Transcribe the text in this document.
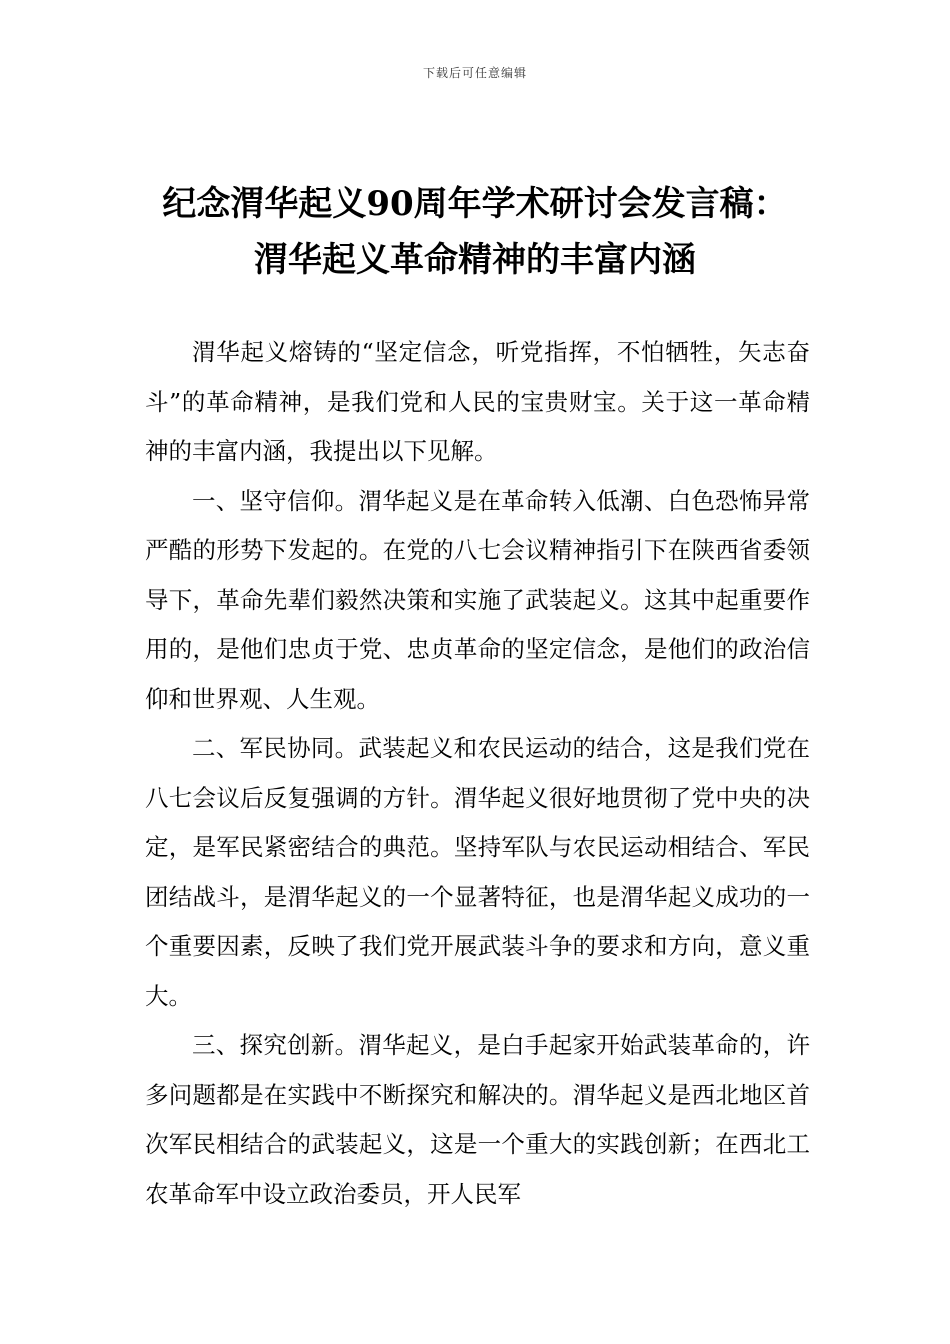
下载后可任意编辑
纪念渭华起义90周年学术研讨会发言稿：
渭华起义革命精神的丰富内涵

渭华起义熔铸的“坚定信念，听党指挥，不怕牺牲，矢志奋斗”的革命精神，是我们党和人民的宝贵财宝。关于这一革命精神的丰富内涵，我提出以下见解。

一、坚守信仰。渭华起义是在革命转入低潮、白色恐怖异常严酷的形势下发起的。在党的八七会议精神指引下在陕西省委领导下，革命先辈们毅然决策和实施了武装起义。这其中起重要作用的，是他们忠贞于党、忠贞革命的坚定信念，是他们的政治信仰和世界观、人生观。

二、军民协同。武装起义和农民运动的结合，这是我们党在八七会议后反复强调的方针。渭华起义很好地贯彻了党中央的决定，是军民紧密结合的典范。坚持军队与农民运动相结合、军民团结战斗，是渭华起义的一个显著特征，也是渭华起义成功的一个重要因素，反映了我们党开展武装斗争的要求和方向，意义重大。

三、探究创新。渭华起义，是白手起家开始武装革命的，许多问题都是在实践中不断探究和解决的。渭华起义是西北地区首次军民相结合的武装起义，这是一个重大的实践创新；在西北工农革命军中设立政治委员，开人民军
